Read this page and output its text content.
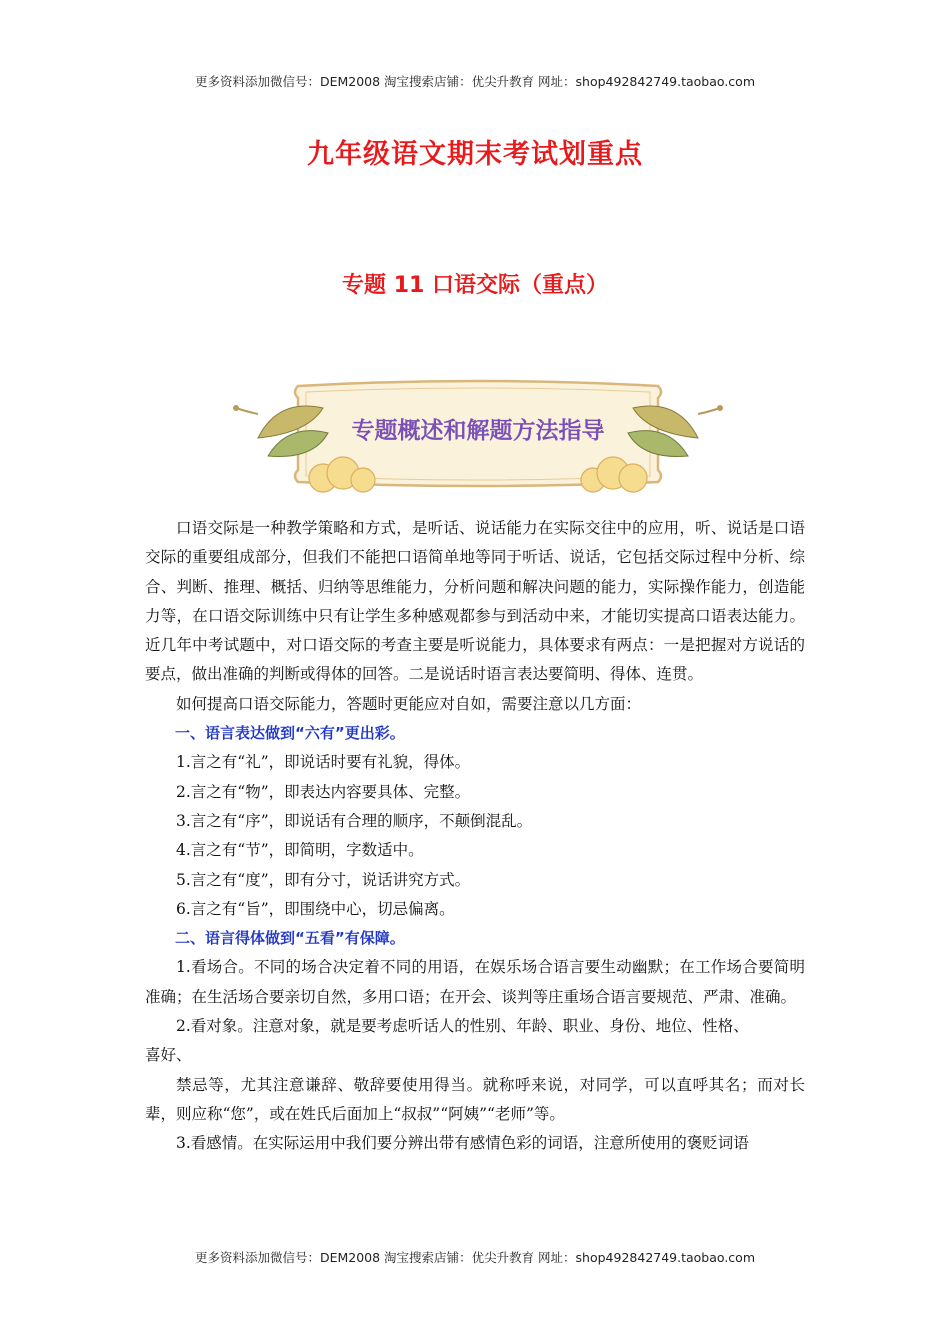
更多资料添加微信号：DEM2008 淘宝搜索店铺：优尖升教育 网址：shop492842749.taobao.com
九年级语文期末考试划重点
专题 11 口语交际（重点）
专题概述和解题方法指导

口语交际是一种教学策略和方式，是听话、说话能力在实际交往中的应用，听、说话是口语交际的重要组成部分，但我们不能把口语简单地等同于听话、说话，它包括交际过程中分析、综合、判断、推理、概括、归纳等思维能力，分析问题和解决问题的能力，实际操作能力，创造能力等，在口语交际训练中只有让学生多种感观都参与到活动中来，才能切实提高口语表达能力。近几年中考试题中，对口语交际的考查主要是听说能力，具体要求有两点：一是把握对方说话的要点，做出准确的判断或得体的回答。二是说话时语言表达要简明、得体、连贯。

如何提高口语交际能力，答题时更能应对自如，需要注意以几方面：

一、语言表达做到“六有”更出彩。

1.言之有“礼”，即说话时要有礼貌，得体。

2.言之有“物”，即表达内容要具体、完整。

3.言之有“序”，即说话有合理的顺序，不颠倒混乱。

4.言之有“节”，即简明，字数适中。

5.言之有“度”，即有分寸，说话讲究方式。

6.言之有“旨”，即围绕中心，切忌偏离。

二、语言得体做到“五看”有保障。

1.看场合。不同的场合决定着不同的用语，在娱乐场合语言要生动幽默；在工作场合要简明准确；在生活场合要亲切自然，多用口语；在开会、谈判等庄重场合语言要规范、严肃、准确。

2.看对象。注意对象，就是要考虑听话人的性别、年龄、职业、身份、地位、性格、

喜好、

禁忌等，尤其注意谦辞、敬辞要使用得当。就称呼来说，对同学，可以直呼其名；而对长辈，则应称“您”，或在姓氏后面加上“叔叔”“阿姨”“老师”等。

3.看感情。在实际运用中我们要分辨出带有感情色彩的词语，注意所使用的褒贬词语

更多资料添加微信号：DEM2008 淘宝搜索店铺：优尖升教育 网址：shop492842749.taobao.com
